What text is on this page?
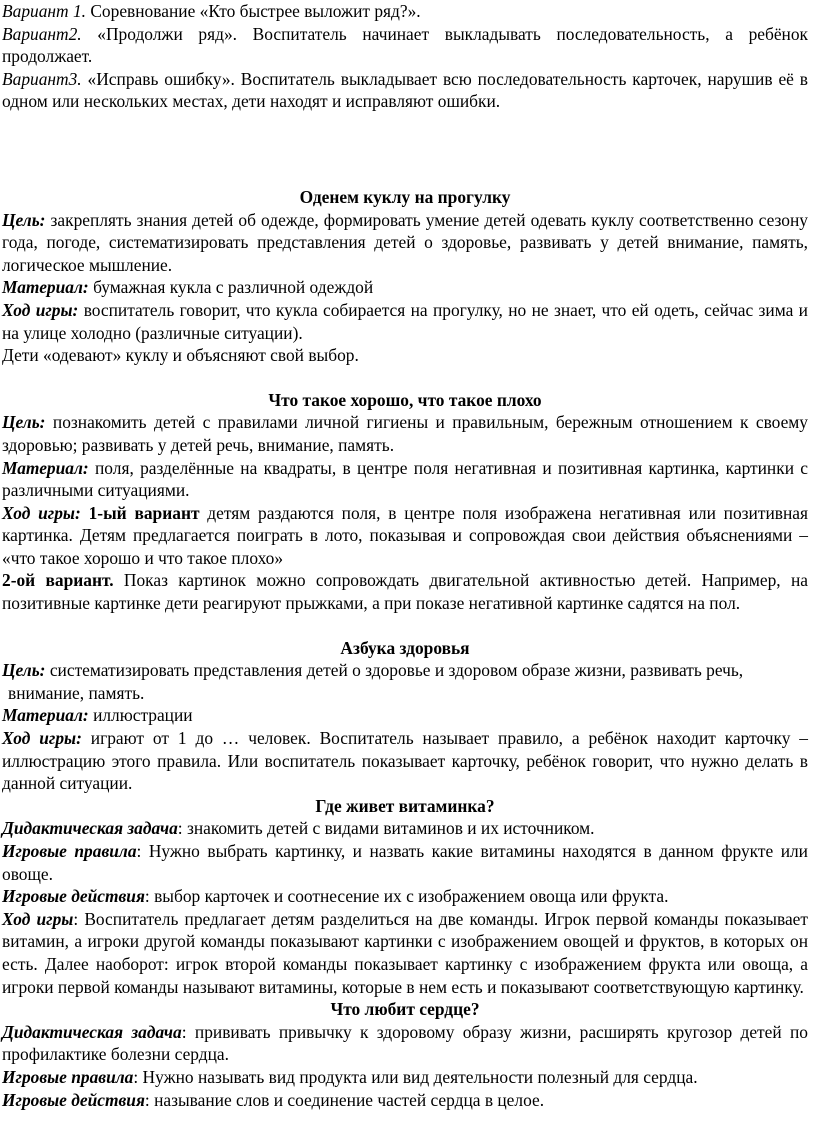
Вариант 1. Соревнование «Кто быстрее выложит ряд?».

Вариант2. «Продолжи ряд». Воспитатель начинает выкладывать последовательность, а ребёнок продолжает.

Вариант3. «Исправь ошибку». Воспитатель выкладывает всю последовательность карточек, нарушив её в одном или нескольких местах, дети находят и исправляют ошибки.

Оденем куклу на прогулку

Цель: закреплять знания детей об одежде, формировать умение детей одевать куклу соответственно сезону года, погоде, систематизировать представления детей о здоровье, развивать у детей внимание, память, логическое мышление.

Материал: бумажная кукла с различной одеждой

Ход игры: воспитатель говорит, что кукла собирается на прогулку, но не знает, что ей одеть, сейчас зима и на улице холодно (различные ситуации).

Дети «одевают» куклу и объясняют свой выбор.

Что такое хорошо, что такое плохо

Цель: познакомить детей с правилами личной гигиены и правильным, бережным отношением к своему здоровью; развивать у детей речь, внимание, память.

Материал: поля, разделённые на квадраты, в центре поля негативная и позитивная картинка, картинки с различными ситуациями.

Ход игры: 1-ый вариант детям раздаются поля, в центре поля изображена негативная или позитивная картинка. Детям предлагается поиграть в лото, показывая и сопровождая свои действия объяснениями – «что такое хорошо и что такое плохо»

2-ой вариант. Показ картинок можно сопровождать двигательной активностью детей. Например, на позитивные картинке дети реагируют прыжками, а при показе негативной картинке садятся на пол.

Азбука здоровья

Цель: систематизировать представления детей о здоровье и здоровом образе жизни, развивать речь,

внимание, память.

Материал: иллюстрации

Ход игры: играют от 1 до … человек. Воспитатель называет правило, а ребёнок находит карточку – иллюстрацию этого правила. Или воспитатель показывает карточку, ребёнок говорит, что нужно делать в данной ситуации.

Где живет витаминка?

Дидактическая задача: знакомить детей с видами витаминов и их источником.

Игровые правила: Нужно выбрать картинку, и назвать какие витамины находятся в данном фрукте или овоще.

Игровые действия: выбор карточек и соотнесение их с изображением овоща или фрукта.

Ход игры: Воспитатель предлагает детям разделиться на две команды. Игрок первой команды показывает витамин, а игроки другой команды показывают картинки с изображением овощей и фруктов, в которых он есть. Далее наоборот: игрок второй команды показывает картинку с изображением фрукта или овоща, а игроки первой команды называют витамины, которые в нем есть и показывают соответствующую картинку.

Что любит сердце?

Дидактическая задача: прививать привычку к здоровому образу жизни, расширять кругозор детей по профилактике болезни сердца.

Игровые правила: Нужно называть вид продукта или вид деятельности полезный для сердца.

Игровые действия: называние слов и соединение частей сердца в целое.
